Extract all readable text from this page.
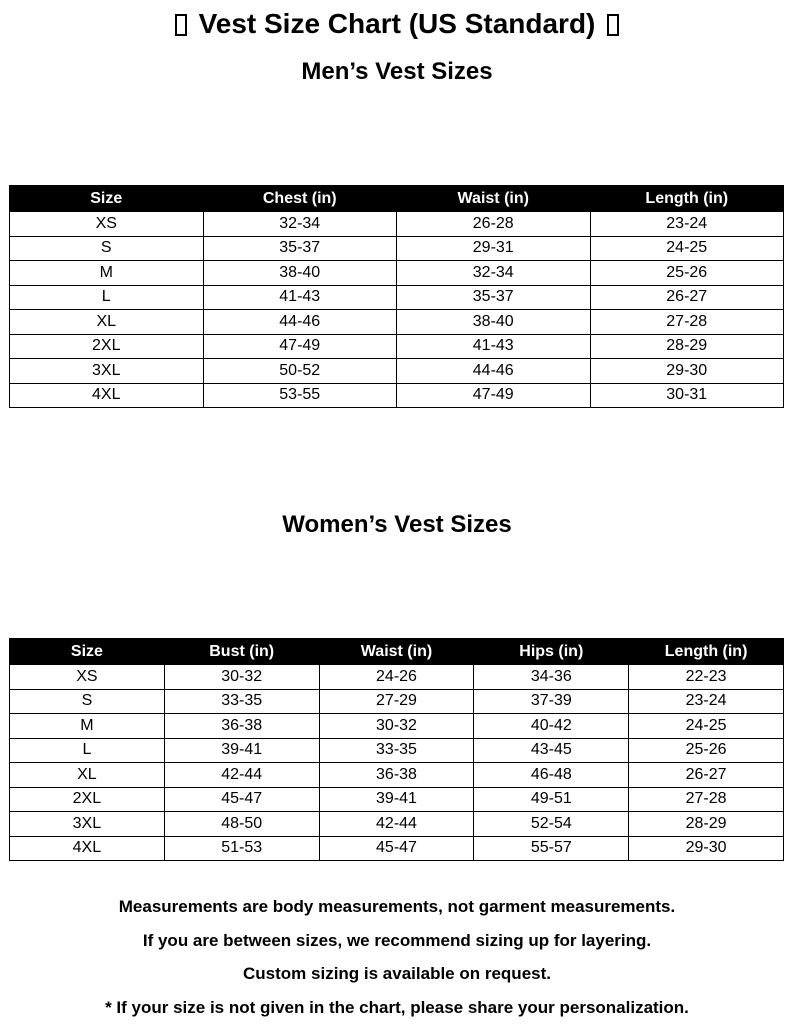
Vest Size Chart (US Standard)
Men’s Vest Sizes
Size	Chest (in)	Waist (in)	Length (in)
XS	32-34	26-28	23-24
S	35-37	29-31	24-25
M	38-40	32-34	25-26
L	41-43	35-37	26-27
XL	44-46	38-40	27-28
2XL	47-49	41-43	28-29
3XL	50-52	44-46	29-30
4XL	53-55	47-49	30-31
Women’s Vest Sizes
Size	Bust (in)	Waist (in)	Hips (in)	Length (in)
XS	30-32	24-26	34-36	22-23
S	33-35	27-29	37-39	23-24
M	36-38	30-32	40-42	24-25
L	39-41	33-35	43-45	25-26
XL	42-44	36-38	46-48	26-27
2XL	45-47	39-41	49-51	27-28
3XL	48-50	42-44	52-54	28-29
4XL	51-53	45-47	55-57	29-30

Measurements are body measurements, not garment measurements.

If you are between sizes, we recommend sizing up for layering.

Custom sizing is available on request.

* If your size is not given in the chart, please share your personalization.
